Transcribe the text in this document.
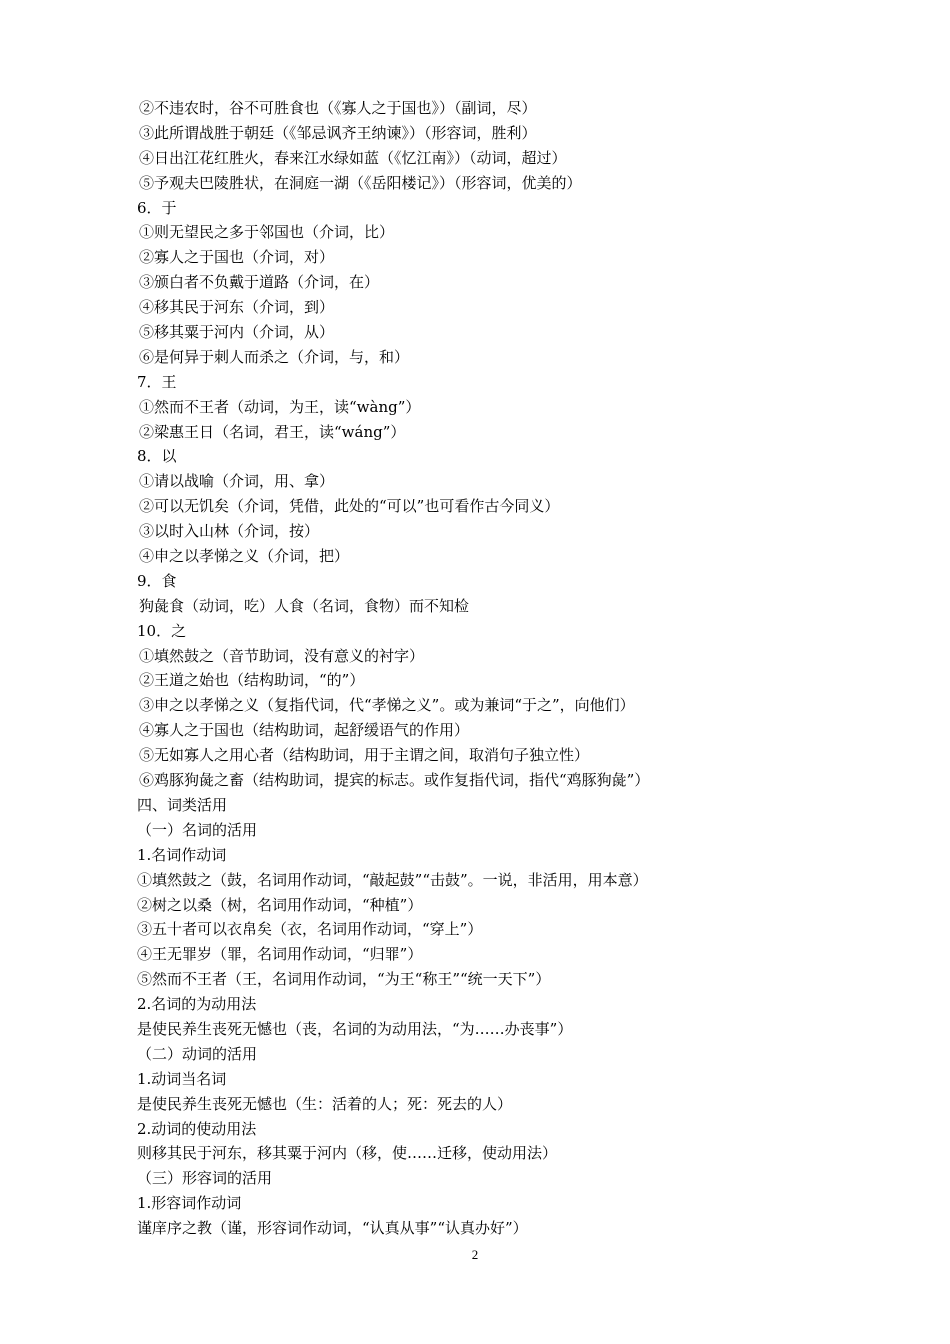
②不违农时，谷不可胜食也（《寡人之于国也》）（副词，尽）
③此所谓战胜于朝廷（《邹忌讽齐王纳谏》）（形容词，胜利）
④日出江花红胜火，春来江水绿如蓝（《忆江南》）（动词，超过）
⑤予观夫巴陵胜状，在洞庭一湖（《岳阳楼记》）（形容词，优美的）
6．于
①则无望民之多于邻国也（介词，比）
②寡人之于国也（介词，对）
③颁白者不负戴于道路（介词，在）
④移其民于河东（介词，到）
⑤移其粟于河内（介词，从）
⑥是何异于刺人而杀之（介词，与，和）
7．王
①然而不王者（动词，为王，读“wàng”）
②梁惠王日（名词，君王，读“wáng”）
8．以
①请以战喻（介词，用、拿）
②可以无饥矣（介词，凭借，此处的“可以”也可看作古今同义）
③以时入山林（介词，按）
④申之以孝悌之义（介词，把）
9．食
狗彘食（动词，吃）人食（名词，食物）而不知检
10．之
①填然鼓之（音节助词，没有意义的衬字）
②王道之始也（结构助词，“的”）
③申之以孝悌之义（复指代词，代“孝悌之义”。或为兼词“于之”，向他们）
④寡人之于国也（结构助词，起舒缓语气的作用）
⑤无如寡人之用心者（结构助词，用于主谓之间，取消句子独立性）
⑥鸡豚狗彘之畜（结构助词，提宾的标志。或作复指代词，指代“鸡豚狗彘”）
四、词类活用
（一）名词的活用
1.名词作动词
①填然鼓之（鼓，名词用作动词，“敲起鼓”“击鼓”。一说，非活用，用本意）
②树之以桑（树，名词用作动词，“种植”）
③五十者可以衣帛矣（衣，名词用作动词，“穿上”）
④王无罪岁（罪，名词用作动词，“归罪”）
⑤然而不王者（王，名词用作动词，“为王“称王”“统一天下”）
2.名词的为动用法
是使民养生丧死无憾也（丧，名词的为动用法，“为……办丧事”）
（二）动词的活用
1.动词当名词
是使民养生丧死无憾也（生：活着的人；死：死去的人）
2.动词的使动用法
则移其民于河东，移其粟于河内（移，使……迁移，使动用法）
（三）形容词的活用
1.形容词作动词
谨庠序之教（谨，形容词作动词，“认真从事”“认真办好”）
2
